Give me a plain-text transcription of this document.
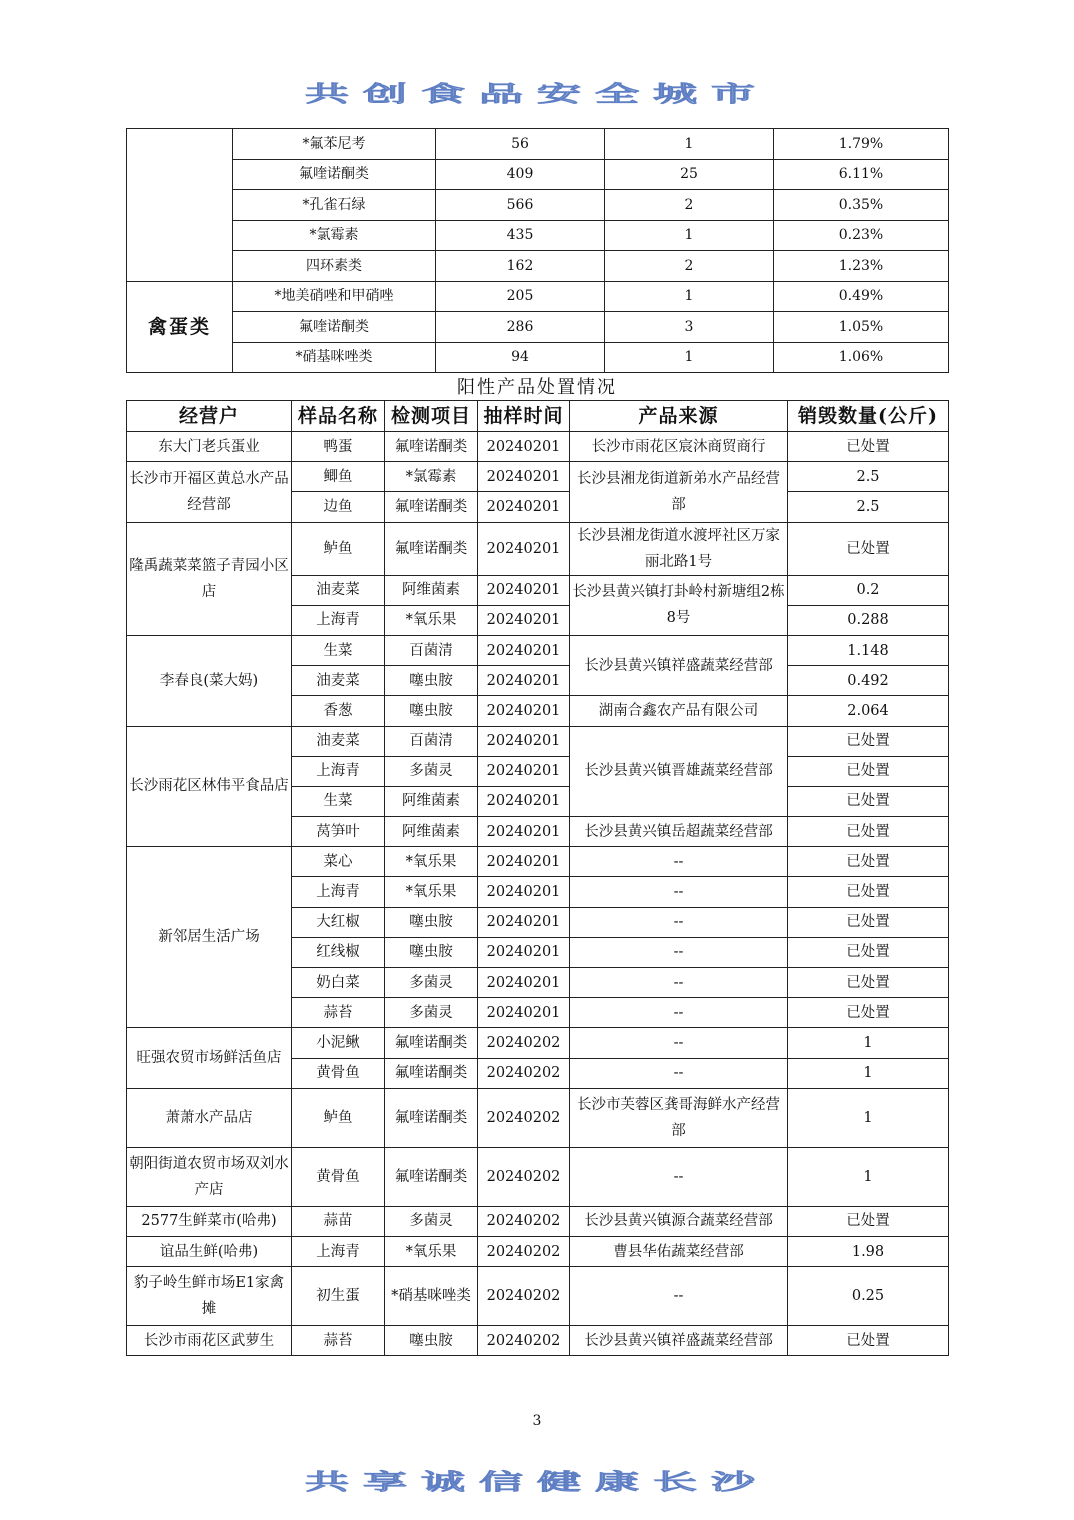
共创食品安全城市
	*氟苯尼考	56	1	1.79%
	氟喹诺酮类	409	25	6.11%
	*孔雀石绿	566	2	0.35%
	*氯霉素	435	1	0.23%
	四环素类	162	2	1.23%
禽蛋类	*地美硝唑和甲硝唑	205	1	0.49%
	氟喹诺酮类	286	3	1.05%
	*硝基咪唑类	94	1	1.06%
阳性产品处置情况
经营户	样品名称	检测项目	抽样时间	产品来源	销毁数量(公斤)
东大门老兵蛋业	鸭蛋	氟喹诺酮类	20240201	长沙市雨花区宸沐商贸商行	已处置
长沙市开福区黄总水产品经营部	鲫鱼	*氯霉素	20240201	长沙县湘龙街道新弟水产品经营部	2.5
	边鱼	氟喹诺酮类	20240201		2.5
隆禹蔬菜菜篮子青园小区店	鲈鱼	氟喹诺酮类	20240201	长沙县湘龙街道水渡坪社区万家丽北路1号	已处置
	油麦菜	阿维菌素	20240201	长沙县黄兴镇打卦岭村新塘组2栋8号	0.2
	上海青	*氧乐果	20240201		0.288
李春良(菜大妈)	生菜	百菌清	20240201	长沙县黄兴镇祥盛蔬菜经营部	1.148
	油麦菜	噻虫胺	20240201		0.492
	香葱	噻虫胺	20240201	湖南合鑫农产品有限公司	2.064
长沙雨花区林伟平食品店	油麦菜	百菌清	20240201	长沙县黄兴镇晋雄蔬菜经营部	已处置
	上海青	多菌灵	20240201		已处置
	生菜	阿维菌素	20240201		已处置
	莴笋叶	阿维菌素	20240201	长沙县黄兴镇岳超蔬菜经营部	已处置
新邻居生活广场	菜心	*氧乐果	20240201	--	已处置
	上海青	*氧乐果	20240201	--	已处置
	大红椒	噻虫胺	20240201	--	已处置
	红线椒	噻虫胺	20240201	--	已处置
	奶白菜	多菌灵	20240201	--	已处置
	蒜苔	多菌灵	20240201	--	已处置
旺强农贸市场鲜活鱼店	小泥鳅	氟喹诺酮类	20240202	--	1
	黄骨鱼	氟喹诺酮类	20240202	--	1
萧萧水产品店	鲈鱼	氟喹诺酮类	20240202	长沙市芙蓉区龚哥海鲜水产经营部	1
朝阳街道农贸市场双刘水产店	黄骨鱼	氟喹诺酮类	20240202	--	1
2577生鲜菜市(哈弗)	蒜苗	多菌灵	20240202	长沙县黄兴镇源合蔬菜经营部	已处置
谊品生鲜(哈弗)	上海青	*氧乐果	20240202	曹县华佑蔬菜经营部	1.98
豹子岭生鲜市场E1家禽摊	初生蛋	*硝基咪唑类	20240202	--	0.25
长沙市雨花区武萝生	蒜苔	噻虫胺	20240202	长沙县黄兴镇祥盛蔬菜经营部	已处置
3
共享诚信健康长沙
